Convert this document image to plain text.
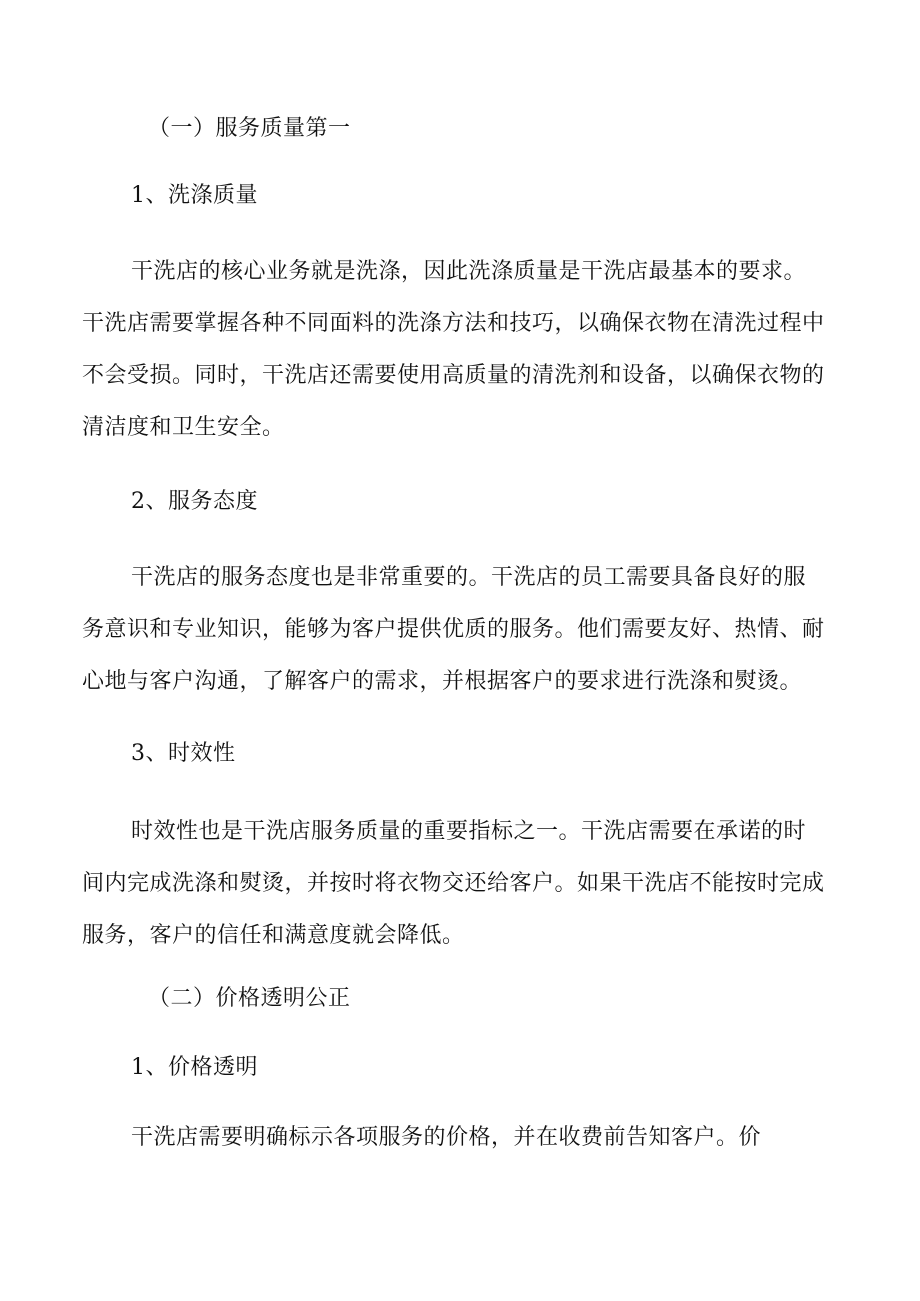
（一）服务质量第一
1、洗涤质量
干洗店的核心业务就是洗涤，因此洗涤质量是干洗店最基本的要求。
干洗店需要掌握各种不同面料的洗涤方法和技巧，以确保衣物在清洗过程中
不会受损。同时，干洗店还需要使用高质量的清洗剂和设备，以确保衣物的
清洁度和卫生安全。
2、服务态度
干洗店的服务态度也是非常重要的。干洗店的员工需要具备良好的服
务意识和专业知识，能够为客户提供优质的服务。他们需要友好、热情、耐
心地与客户沟通，了解客户的需求，并根据客户的要求进行洗涤和熨烫。
3、时效性
时效性也是干洗店服务质量的重要指标之一。干洗店需要在承诺的时
间内完成洗涤和熨烫，并按时将衣物交还给客户。如果干洗店不能按时完成
服务，客户的信任和满意度就会降低。
（二）价格透明公正
1、价格透明
干洗店需要明确标示各项服务的价格，并在收费前告知客户。价
